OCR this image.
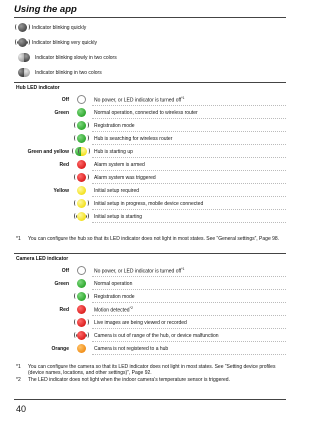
Using the app
Indicator blinking quickly
Indicator blinking very quickly
Indicator blinking slowly in two colors
Indicator blinking in two colors
Hub LED indicator
Off	No power, or LED indicator is turned off$^{*1}$
Green	Normal operation, connected to wireless router
Registration mode
Hub is searching for wireless router
Green and yellow	Hub is starting up
Red	Alarm system is armed
Alarm system was triggered
Yellow	Initial setup required
Initial setup in progress, mobile device connected
Initial setup is starting
*1	You can configure the hub so that its LED indicator does not light in most states. See “General settings”, Page 98.
Camera LED indicator
Off	No power, or LED indicator is turned off$^{*1}$
Green	Normal operation
Registration mode
Red	Motion detected$^{*2}$
Live images are being viewed or recorded
Camera is out of range of the hub, or device malfunction
Orange	Camera is not registered to a hub
*1	You can configure the camera so that its LED indicator does not light in most states. See “Setting device profiles (device names, locations, and other settings)”, Page 92.
*2	The LED indicator does not light when the indoor camera’s temperature sensor is triggered.
40
